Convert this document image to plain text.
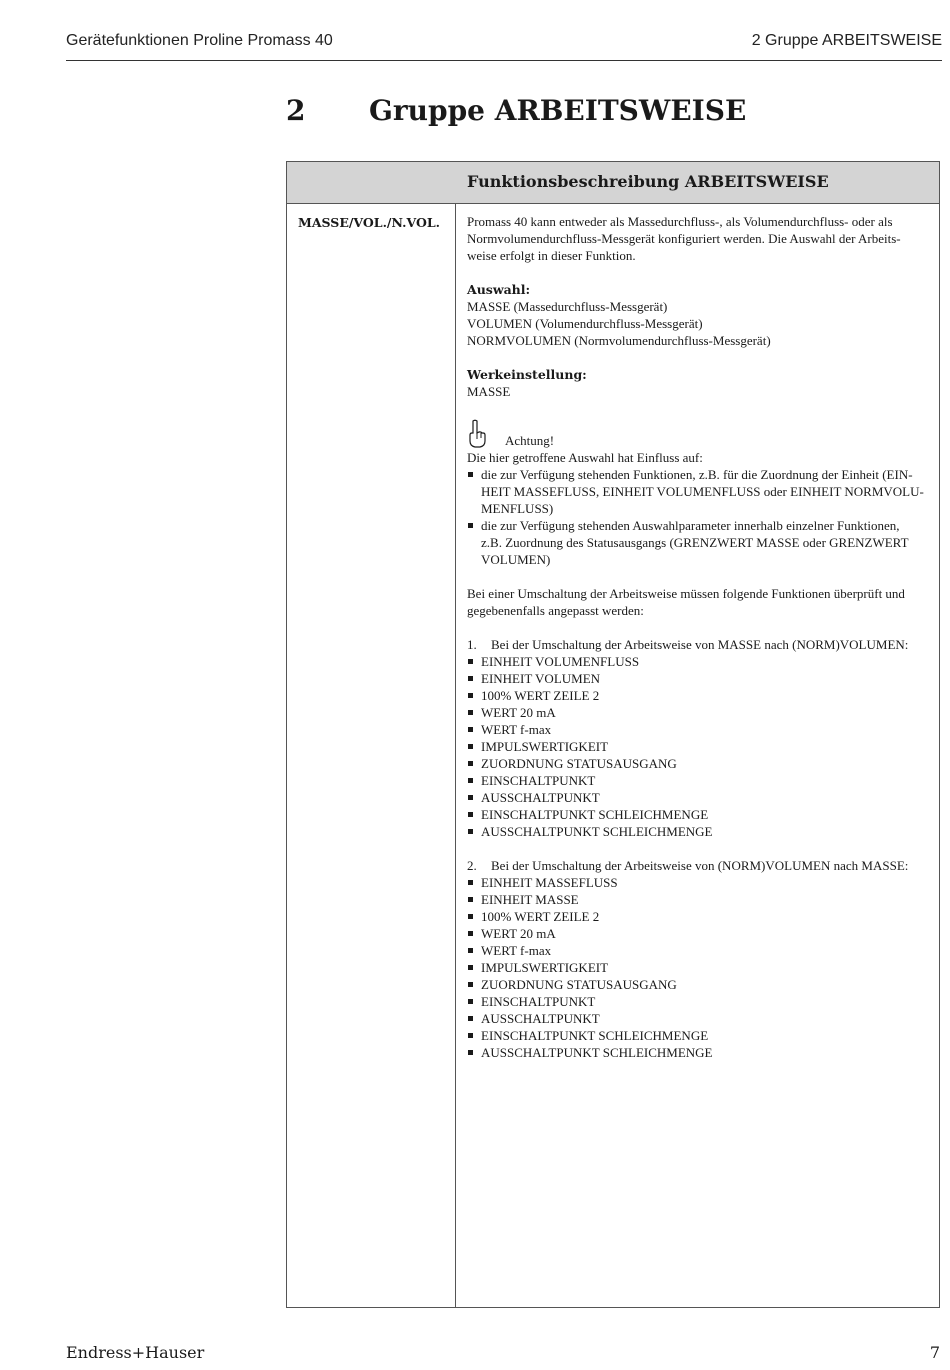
Gerätefunktionen Proline Promass 40	2 Gruppe ARBEITSWEISE
2 Gruppe ARBEITSWEISE
Funktionsbeschreibung ARBEITSWEISE
MASSE/VOL./N.VOL. Promass 40 kann entweder als Massedurchfluss-, als Volumendurchfluss- oder als

Normvolumendurchfluss-Messgerät konfiguriert werden. Die Auswahl der Arbeits-

weise erfolgt in dieser Funktion.

Auswahl:

MASSE (Massedurchfluss-Messgerät)

VOLUMEN (Volumendurchfluss-Messgerät)

NORMVOLUMEN (Normvolumendurchfluss-Messgerät)

Werkeinstellung:

MASSE

Achtung!

Die hier getroffene Auswahl hat Einfluss auf:

die zur Verfügung stehenden Funktionen, z.B. für die Zuordnung der Einheit (EIN-
HEIT MASSEFLUSS, EINHEIT VOLUMENFLUSS oder EINHEIT NORMVOLU-
MENFLUSS)
die zur Verfügung stehenden Auswahlparameter innerhalb einzelner Funktionen,
z.B. Zuordnung des Statusausgangs (GRENZWERT MASSE oder GRENZWERT
VOLUMEN)

Bei einer Umschaltung der Arbeitsweise müssen folgende Funktionen überprüft und

gegebenenfalls angepasst werden:

1. Bei der Umschaltung der Arbeitsweise von MASSE nach (NORM)VOLUMEN:

EINHEIT VOLUMENFLUSS
EINHEIT VOLUMEN
100% WERT ZEILE 2
WERT 20 mA
WERT f-max
IMPULSWERTIGKEIT
ZUORDNUNG STATUSAUSGANG
EINSCHALTPUNKT
AUSSCHALTPUNKT
EINSCHALTPUNKT SCHLEICHMENGE
AUSSCHALTPUNKT SCHLEICHMENGE

2. Bei der Umschaltung der Arbeitsweise von (NORM)VOLUMEN nach MASSE:

EINHEIT MASSEFLUSS
EINHEIT MASSE
100% WERT ZEILE 2
WERT 20 mA
WERT f-max
IMPULSWERTIGKEIT
ZUORDNUNG STATUSAUSGANG
EINSCHALTPUNKT
AUSSCHALTPUNKT
EINSCHALTPUNKT SCHLEICHMENGE
AUSSCHALTPUNKT SCHLEICHMENGE
Endress+Hauser	7
